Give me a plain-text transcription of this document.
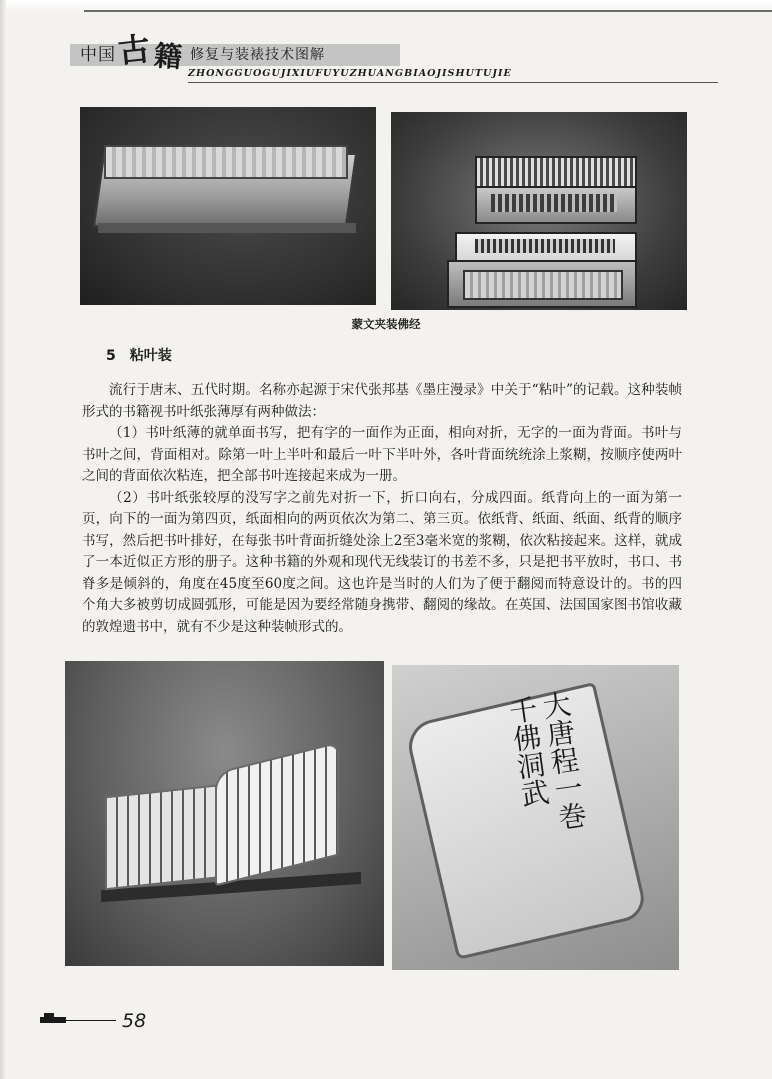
中国 古 籍 修复与装裱技术图解
ZHONGGUOGUJIXIUFUYUZHUANGBIAOJISHUTUJIE
蒙文夹装佛经
5 粘叶装

流行于唐末、五代时期。名称亦起源于宋代张邦基《墨庄漫录》中关于“粘叶”的记载。这种装帧形式的书籍视书叶纸张薄厚有两种做法：

（1）书叶纸薄的就单面书写，把有字的一面作为正面，相向对折，无字的一面为背面。书叶与书叶之间，背面相对。除第一叶上半叶和最后一叶下半叶外，各叶背面统统涂上浆糊，按顺序使两叶之间的背面依次粘连，把全部书叶连接起来成为一册。

（2）书叶纸张较厚的没写字之前先对折一下，折口向右，分成四面。纸背向上的一面为第一页，向下的一面为第四页，纸面相向的两页依次为第二、第三页。依纸背、纸面、纸面、纸背的顺序书写，然后把书叶排好，在每张书叶背面折缝处涂上2至3毫米宽的浆糊，依次粘接起来。这样，就成了一本近似正方形的册子。这种书籍的外观和现代无线装订的书差不多，只是把书平放时，书口、书脊多是倾斜的，角度在45度至60度之间。这也许是当时的人们为了便于翻阅而特意设计的。书的四个角大多被剪切成圆弧形，可能是因为要经常随身携带、翻阅的缘故。在英国、法国国家图书馆收藏的敦煌遗书中，就有不少是这种装帧形式的。

大唐程一巻　千佛洞武
58
